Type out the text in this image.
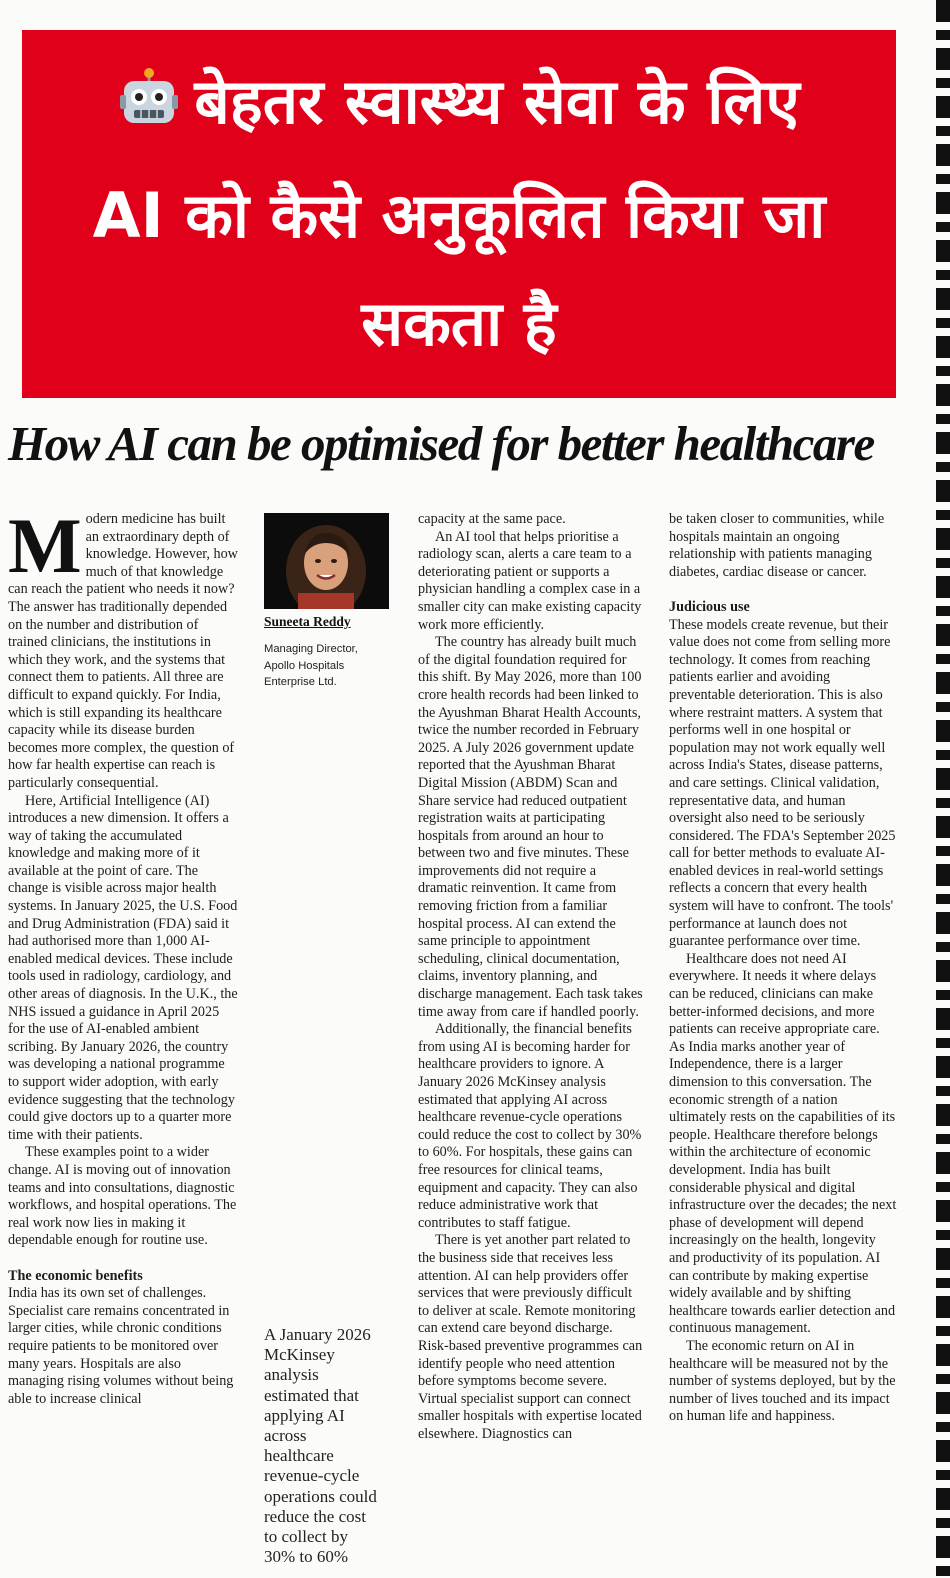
बेहतर स्वास्थ्य सेवा के लिए
AI को कैसे अनुकूलित किया जा
सकता है
How AI can be optimised for better healthcare

Modern medicine has built an extraordinary depth of knowledge. However, how much of that knowledge can reach the patient who needs it now? The answer has traditionally depended on the number and distribution of trained clinicians, the institutions in which they work, and the systems that connect them to patients. All three are difficult to expand quickly. For India, which is still expanding its healthcare capacity while its disease burden becomes more complex, the question of how far health expertise can reach is particularly consequential.

Here, Artificial Intelligence (AI) introduces a new dimension. It offers a way of taking the accumulated knowledge and making more of it available at the point of care. The change is visible across major health systems. In January 2025, the U.S. Food and Drug Administration (FDA) said it had authorised more than 1,000 AI-enabled medical devices. These include tools used in radiology, cardiology, and other areas of diagnosis. In the U.K., the NHS issued a guidance in April 2025 for the use of AI-enabled ambient scribing. By January 2026, the country was developing a national programme to support wider adoption, with early evidence suggesting that the technology could give doctors up to a quarter more time with their patients.

These examples point to a wider change. AI is moving out of innovation teams and into consultations, diagnostic workflows, and hospital operations. The real work now lies in making it dependable enough for routine use.

The economic benefits

India has its own set of challenges. Specialist care remains concentrated in larger cities, while chronic conditions require patients to be monitored over many years. Hospitals are also managing rising volumes without being able to increase clinical

Suneeta Reddy
Managing Director,
Apollo Hospitals
Enterprise Ltd.
A January 2026
McKinsey
analysis
estimated that
applying AI
across
healthcare
revenue-cycle
operations could
reduce the cost
to collect by
30% to 60%

capacity at the same pace.

An AI tool that helps prioritise a radiology scan, alerts a care team to a deteriorating patient or supports a physician handling a complex case in a smaller city can make existing capacity work more efficiently.

The country has already built much of the digital foundation required for this shift. By May 2026, more than 100 crore health records had been linked to the Ayushman Bharat Health Accounts, twice the number recorded in February 2025. A July 2026 government update reported that the Ayushman Bharat Digital Mission (ABDM) Scan and Share service had reduced outpatient registration waits at participating hospitals from around an hour to between two and five minutes. These improvements did not require a dramatic reinvention. It came from removing friction from a familiar hospital process. AI can extend the same principle to appointment scheduling, clinical documentation, claims, inventory planning, and discharge management. Each task takes time away from care if handled poorly.

Additionally, the financial benefits from using AI is becoming harder for healthcare providers to ignore. A January 2026 McKinsey analysis estimated that applying AI across healthcare revenue-cycle operations could reduce the cost to collect by 30% to 60%. For hospitals, these gains can free resources for clinical teams, equipment and capacity. They can also reduce administrative work that contributes to staff fatigue.

There is yet another part related to the business side that receives less attention. AI can help providers offer services that were previously difficult to deliver at scale. Remote monitoring can extend care beyond discharge. Risk-based preventive programmes can identify people who need attention before symptoms become severe. Virtual specialist support can connect smaller hospitals with expertise located elsewhere. Diagnostics can

be taken closer to communities, while hospitals maintain an ongoing relationship with patients managing diabetes, cardiac disease or cancer.

Judicious use

These models create revenue, but their value does not come from selling more technology. It comes from reaching patients earlier and avoiding preventable deterioration. This is also where restraint matters. A system that performs well in one hospital or population may not work equally well across India's States, disease patterns, and care settings. Clinical validation, representative data, and human oversight also need to be seriously considered. The FDA's September 2025 call for better methods to evaluate AI-enabled devices in real-world settings reflects a concern that every health system will have to confront. The tools' performance at launch does not guarantee performance over time.

Healthcare does not need AI everywhere. It needs it where delays can be reduced, clinicians can make better-informed decisions, and more patients can receive appropriate care. As India marks another year of Independence, there is a larger dimension to this conversation. The economic strength of a nation ultimately rests on the capabilities of its people. Healthcare therefore belongs within the architecture of economic development. India has built considerable physical and digital infrastructure over the decades; the next phase of development will depend increasingly on the health, longevity and productivity of its population. AI can contribute by making expertise widely available and by shifting healthcare towards earlier detection and continuous management.

The economic return on AI in healthcare will be measured not by the number of systems deployed, but by the number of lives touched and its impact on human life and happiness.
